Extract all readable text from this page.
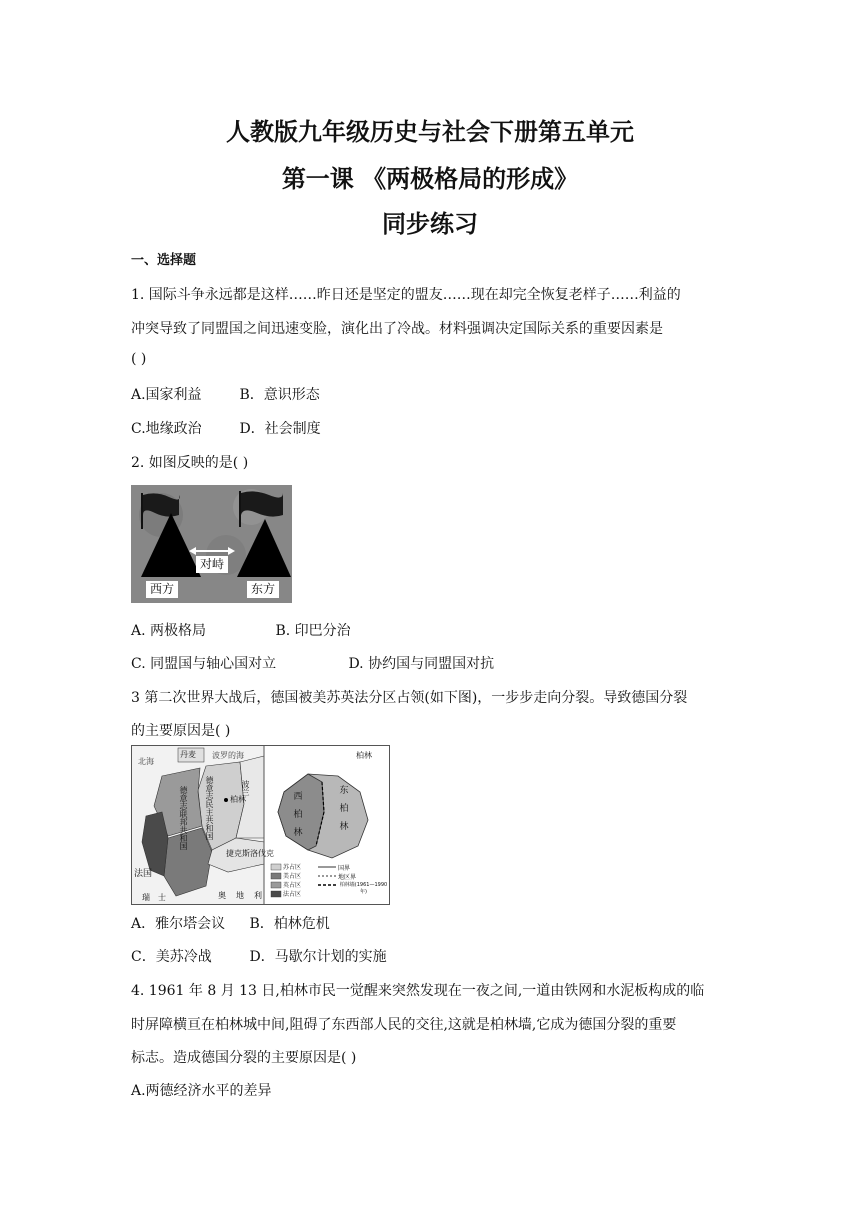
人教版九年级历史与社会下册第五单元
第一课 《两极格局的形成》
同步练习
一、选择题
1. 国际斗争永远都是这样……昨日还是坚定的盟友……现在却完全恢复老样子……利益的
冲突导致了同盟国之间迅速变脸，演化出了冷战。材料强调决定国际关系的重要因素是
( )
A.国家利益	B．意识形态
C.地缘政治	D．社会制度
2. 如图反映的是( )
对峙
西方	东方
A. 两极格局	B. 印巴分治
C. 同盟国与轴心国对立	D. 协约国与同盟国对抗
3 第二次世界大战后，德国被美苏英法分区占领(如下图)，一步步走向分裂。导致德国分裂
的主要原因是( )
丹麦
北海
波罗的海
德意志联邦共和国 德意志民主共和国 柏林
波兰
法国
捷克斯洛伐克
奥地利
瑞士
柏林
西
柏
林
东
柏
林
苏占区
美占区
英占区
法占区
国界
地区界
柏林墙(1961—1990年)
A．雅尔塔会议 B．柏林危机
C．美苏冷战	D．马歇尔计划的实施
4. 1961 年 8 月 13 日,柏林市民一觉醒来突然发现在一夜之间,一道由铁网和水泥板构成的临
时屏障横亘在柏林城中间,阻碍了东西部人民的交往,这就是柏林墙,它成为德国分裂的重要
标志。造成德国分裂的主要原因是( )
A.两德经济水平的差异
